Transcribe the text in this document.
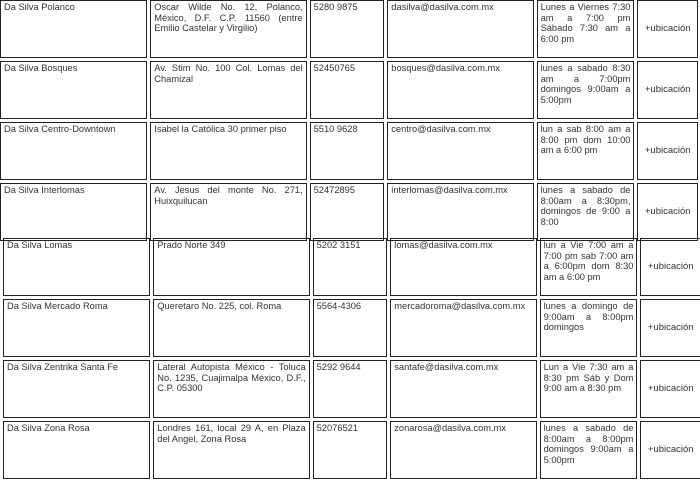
Da Silva Polanco	Oscar Wilde No. 12, Polanco, México, D.F. C.P. 11560 (entre Emilio Castelar y Virgilio)	5280 9875	dasilva@dasilva.com.mx	Lunes a Viernes 7:30 am a 7:00 pm Sábado 7:30 am a 6:00 pm	+ubicación
Da Silva Bosques	Av. Stim No. 100 Col. Lomas del Chamizal	52450765	bosques@dasilva.com.mx	lunes a sabado 8:30 am a 7:00pm domingos 9:00am a 5:00pm	+ubicación
Da Silva Centro-Downtown	Isabel la Católica 30 primer piso	5510 9628	centro@dasilva.com.mx	lun a sab 8:00 am a 8:00 pm dom 10:00 am a 6:00 pm	+ubicación
Da Silva Interlomas	Av. Jesus del monte No. 271, Huixquilucan	52472895	interlomas@dasilva.com.mx	lunes a sabado de 8:00am a 8:30pm, domingos de 9:00 a 8:00	+ubicación
Da Silva Lomas	Prado Norte 349	5202 3151	lomas@dasilva.com.mx	lun a Vie 7:00 am a 7:00 pm sab 7:00 am a 6:00pm dom 8:30 am a 6:00 pm	+ubicación
Da Silva Mercado Roma	Queretaro No. 225, col. Roma	5564-4306	mercadoroma@dasilva.com.mx	lunes a domingo de 9:00am a 8:00pm domingos	+ubicación
Da Silva Zentrika Santa Fe	Lateral Autopista México - Toluca No. 1235, Cuajimalpa México, D.F., C.P. 05300	5292 9644	santafe@dasilva.com.mx	Lun a Vie 7:30 am a 8:30 pm Sáb y Dom 9:00 am a 8:30 pm	+ubicación
Da Silva Zona Rosa	Londres 161, local 29 A, en Plaza del Angel, Zona Rosa	52076521	zonarosa@dasilva.com.mx	lunes a sabado de 8:00am a 8:00pm domingos 9:00am a 5:00pm	+ubicación
